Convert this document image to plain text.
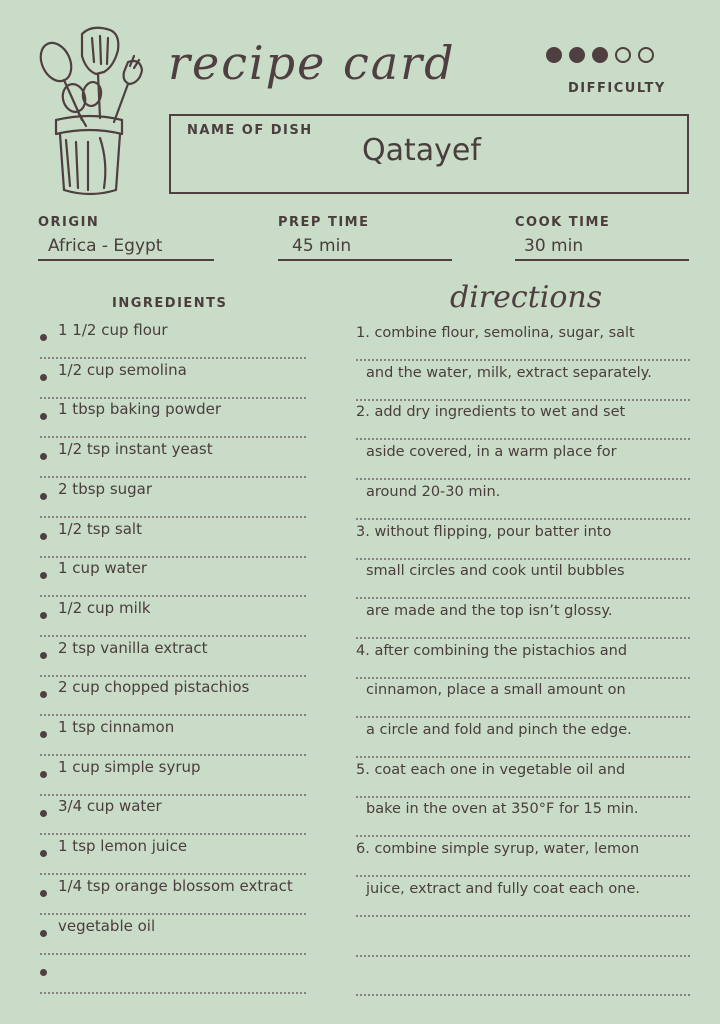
recipe card	DIFFICULTY
NAME OF DISH
Qatayef
ORIGIN
Africa - Egypt
PREP TIME
45 min
COOK TIME
30 min
INGREDIENTS	directions
1 1/2 cup flour
1/2 cup semolina
1 tbsp baking powder
1/2 tsp instant yeast
2 tbsp sugar
1/2 tsp salt
1 cup water
1/2 cup milk
2 tsp vanilla extract
2 cup chopped pistachios
1 tsp cinnamon
1 cup simple syrup
3/4 cup water
1 tsp lemon juice
1/4 tsp orange blossom extract
vegetable oil
1. combine flour, semolina, sugar, salt
and the water, milk, extract separately.
2. add dry ingredients to wet and set
aside covered, in a warm place for
around 20-30 min.
3. without flipping, pour batter into
small circles and cook until bubbles
are made and the top isn’t glossy.
4. after combining the pistachios and
cinnamon, place a small amount on
a circle and fold and pinch the edge.
5. coat each one in vegetable oil and
bake in the oven at 350°F for 15 min.
6. combine simple syrup, water, lemon
juice, extract and fully coat each one.
